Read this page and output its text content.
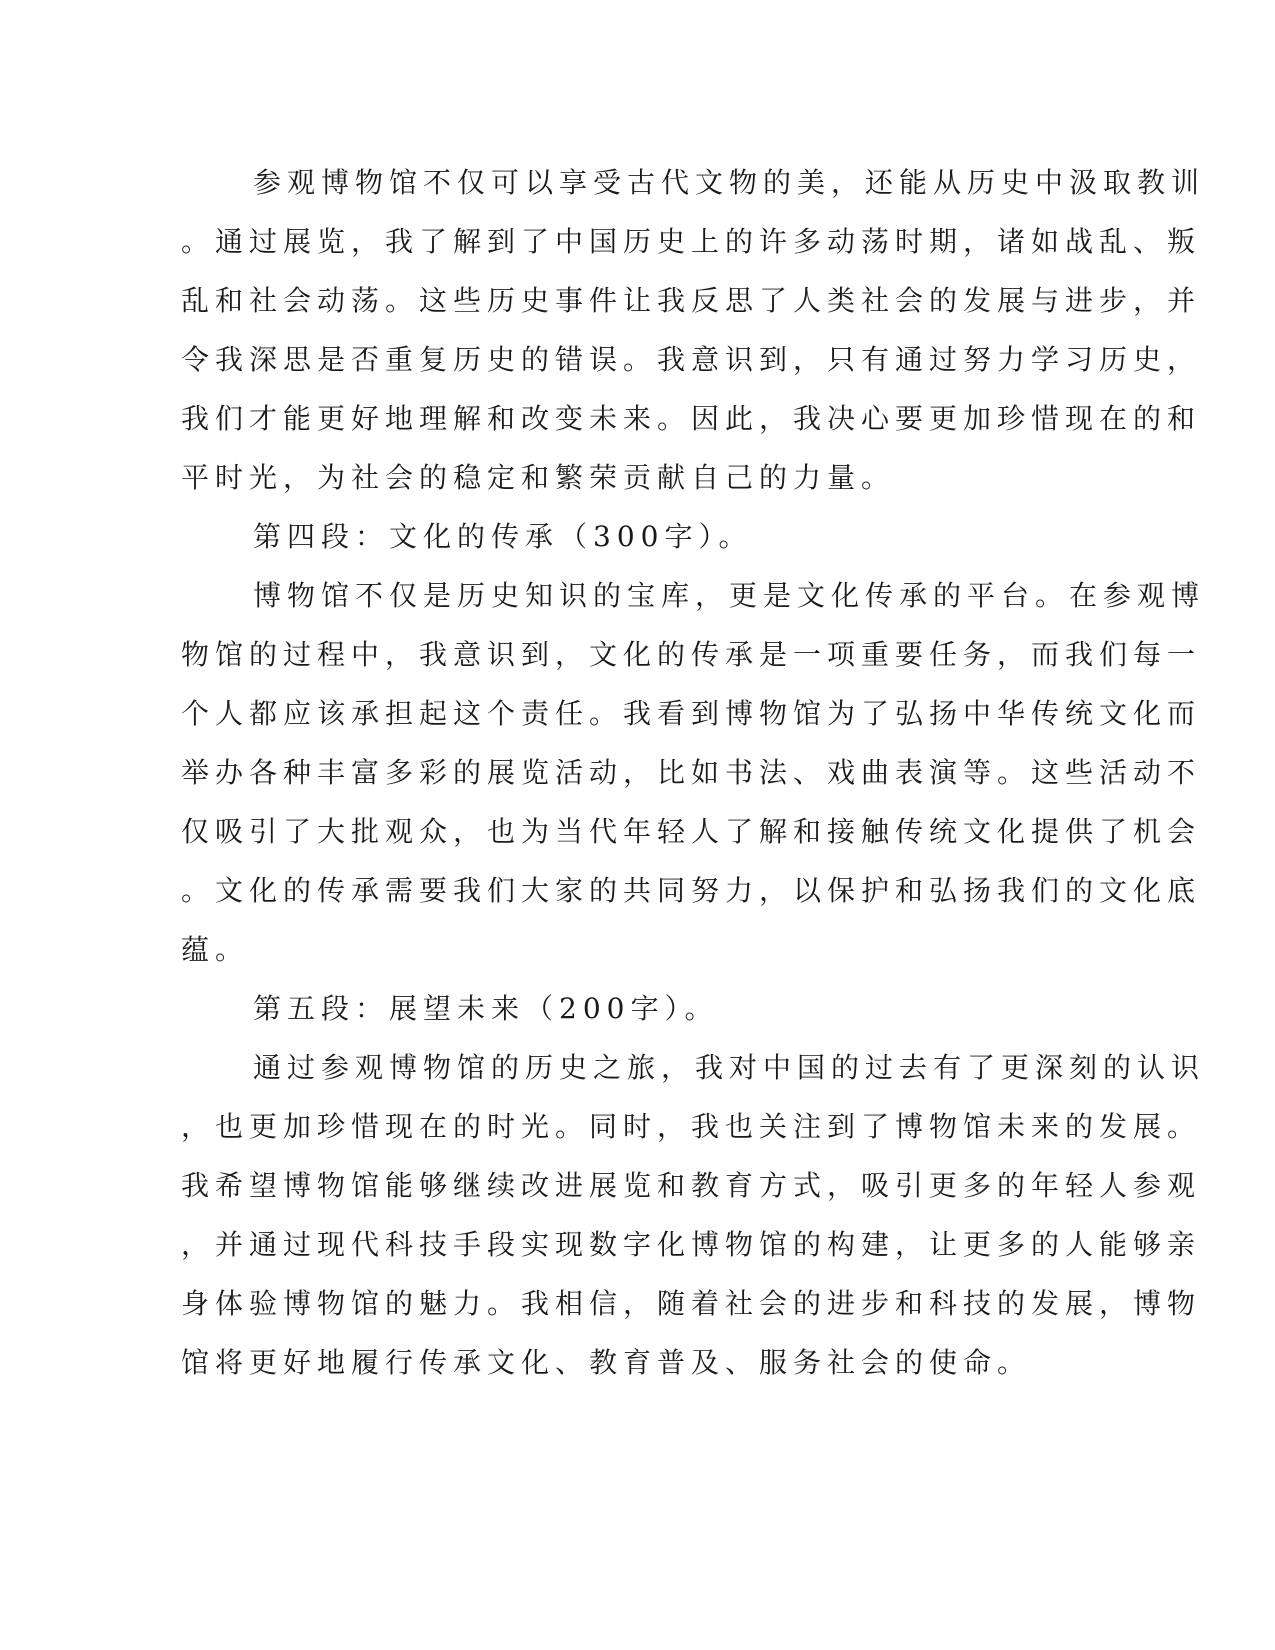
参观博物馆不仅可以享受古代文物的美，还能从历史中汲取教训
。通过展览，我了解到了中国历史上的许多动荡时期，诸如战乱、叛
乱和社会动荡。这些历史事件让我反思了人类社会的发展与进步，并
令我深思是否重复历史的错误。我意识到，只有通过努力学习历史，
我们才能更好地理解和改变未来。因此，我决心要更加珍惜现在的和
平时光，为社会的稳定和繁荣贡献自己的力量。
第四段：文化的传承（300字）。
博物馆不仅是历史知识的宝库，更是文化传承的平台。在参观博
物馆的过程中，我意识到，文化的传承是一项重要任务，而我们每一
个人都应该承担起这个责任。我看到博物馆为了弘扬中华传统文化而
举办各种丰富多彩的展览活动，比如书法、戏曲表演等。这些活动不
仅吸引了大批观众，也为当代年轻人了解和接触传统文化提供了机会
。文化的传承需要我们大家的共同努力，以保护和弘扬我们的文化底
蕴。
第五段：展望未来（200字）。
通过参观博物馆的历史之旅，我对中国的过去有了更深刻的认识
，也更加珍惜现在的时光。同时，我也关注到了博物馆未来的发展。
我希望博物馆能够继续改进展览和教育方式，吸引更多的年轻人参观
，并通过现代科技手段实现数字化博物馆的构建，让更多的人能够亲
身体验博物馆的魅力。我相信，随着社会的进步和科技的发展，博物
馆将更好地履行传承文化、教育普及、服务社会的使命。
